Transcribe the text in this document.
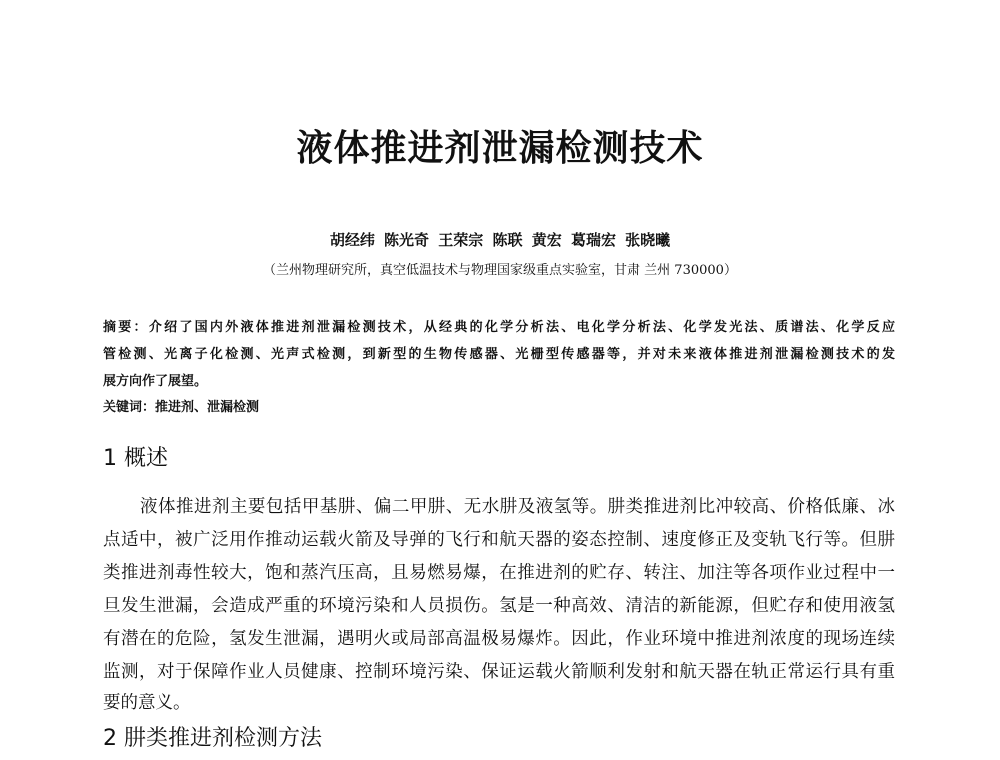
液体推进剂泄漏检测技术
胡经纬 陈光奇 王荣宗 陈联 黄宏 葛瑞宏 张晓曦
（兰州物理研究所，真空低温技术与物理国家级重点实验室，甘肃 兰州 730000）
摘要：介绍了国内外液体推进剂泄漏检测技术，从经典的化学分析法、电化学分析法、化学发光法、质谱法、化学反应
管检测、光离子化检测、光声式检测，到新型的生物传感器、光栅型传感器等，并对未来液体推进剂泄漏检测技术的发
展方向作了展望。
关键词：推进剂、泄漏检测
1 概述
液体推进剂主要包括甲基肼、偏二甲肼、无水肼及液氢等。肼类推进剂比冲较高、价格低廉、冰
点适中，被广泛用作推动运载火箭及导弹的飞行和航天器的姿态控制、速度修正及变轨飞行等。但肼
类推进剂毒性较大，饱和蒸汽压高，且易燃易爆，在推进剂的贮存、转注、加注等各项作业过程中一
旦发生泄漏，会造成严重的环境污染和人员损伤。氢是一种高效、清洁的新能源，但贮存和使用液氢
有潜在的危险，氢发生泄漏，遇明火或局部高温极易爆炸。因此，作业环境中推进剂浓度的现场连续
监测，对于保障作业人员健康、控制环境污染、保证运载火箭顺利发射和航天器在轨正常运行具有重
要的意义。
2 肼类推进剂检测方法
